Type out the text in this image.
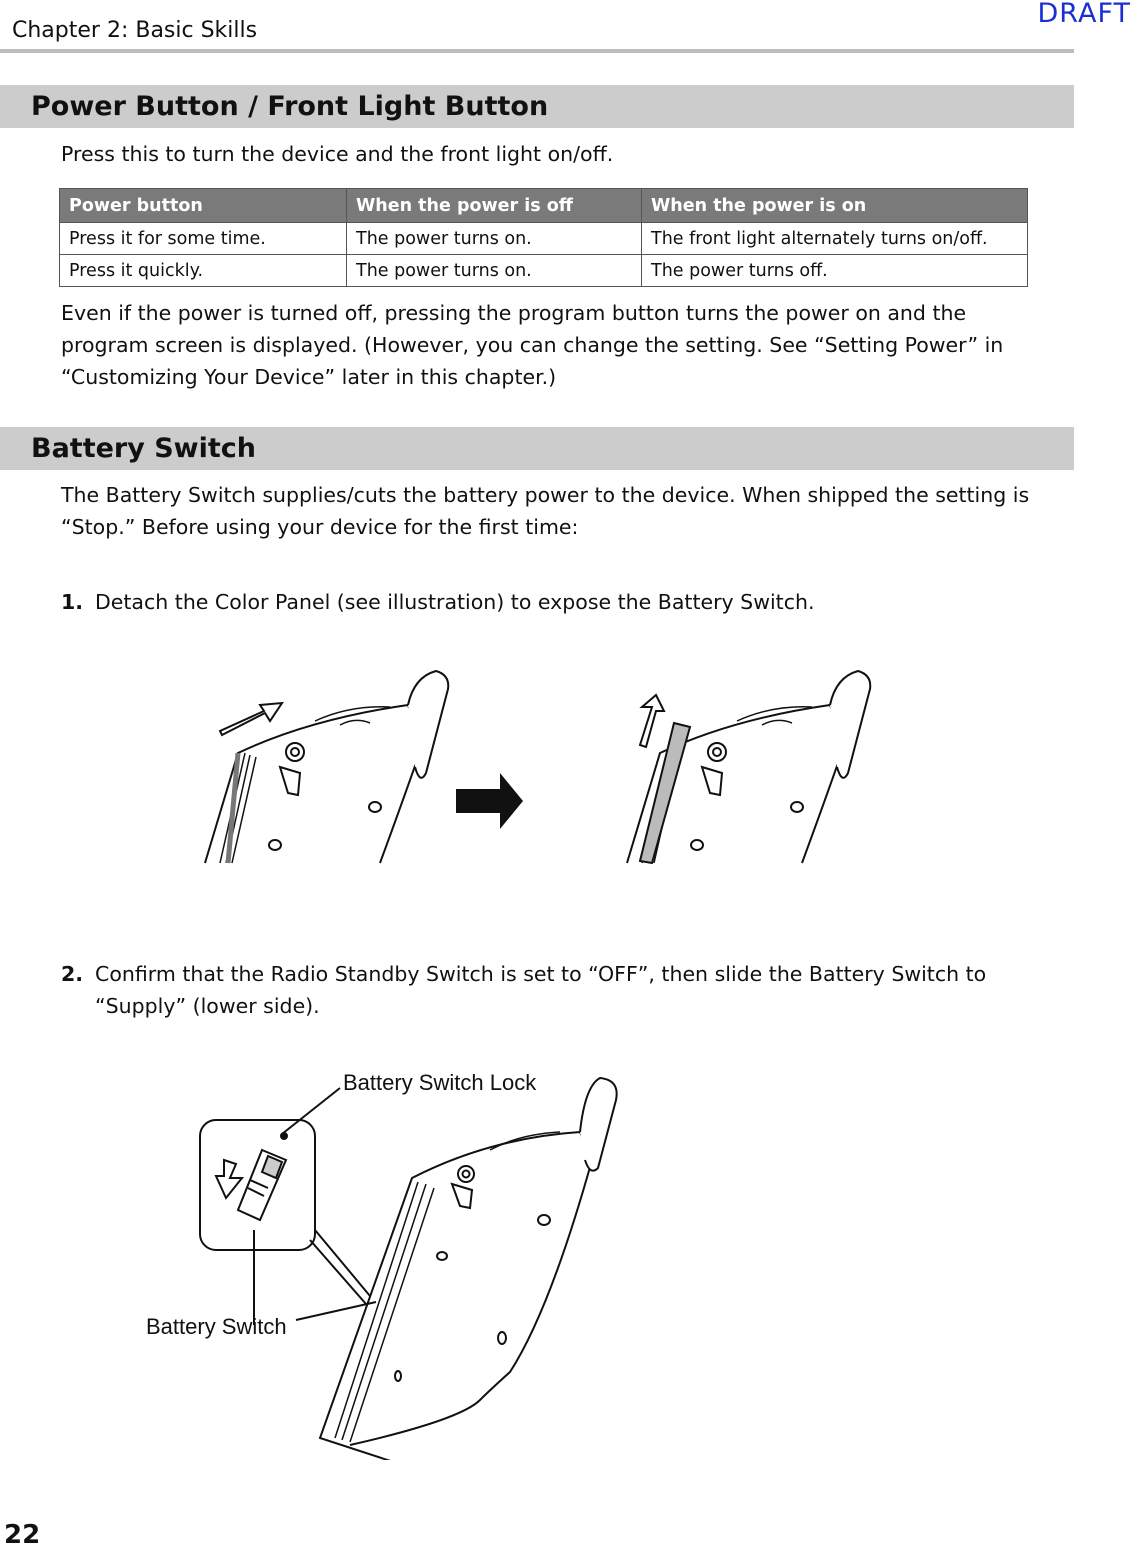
Chapter 2: Basic Skills
DRAFT
Power Button / Front Light Button

Press this to turn the device and the front light on/off.

Power button	When the power is off	When the power is on
Press it for some time.	The power turns on.	The front light alternately turns on/off.
Press it quickly.	The power turns on.	The power turns off.

Even if the power is turned off, pressing the program button turns the power on and the program screen is displayed. (However, you can change the setting. See “Setting Power” in “Customizing Your Device” later in this chapter.)

Battery Switch

The Battery Switch supplies/cuts the battery power to the device. When shipped the setting is “Stop.” Before using your device for the first time:

1. Detach the Color Panel (see illustration) to expose the Battery Switch.
2. Confirm that the Radio Standby Switch is set to “OFF”, then slide the Battery Switch to “Supply” (lower side).
Battery Switch Lock
Battery Switch
22
